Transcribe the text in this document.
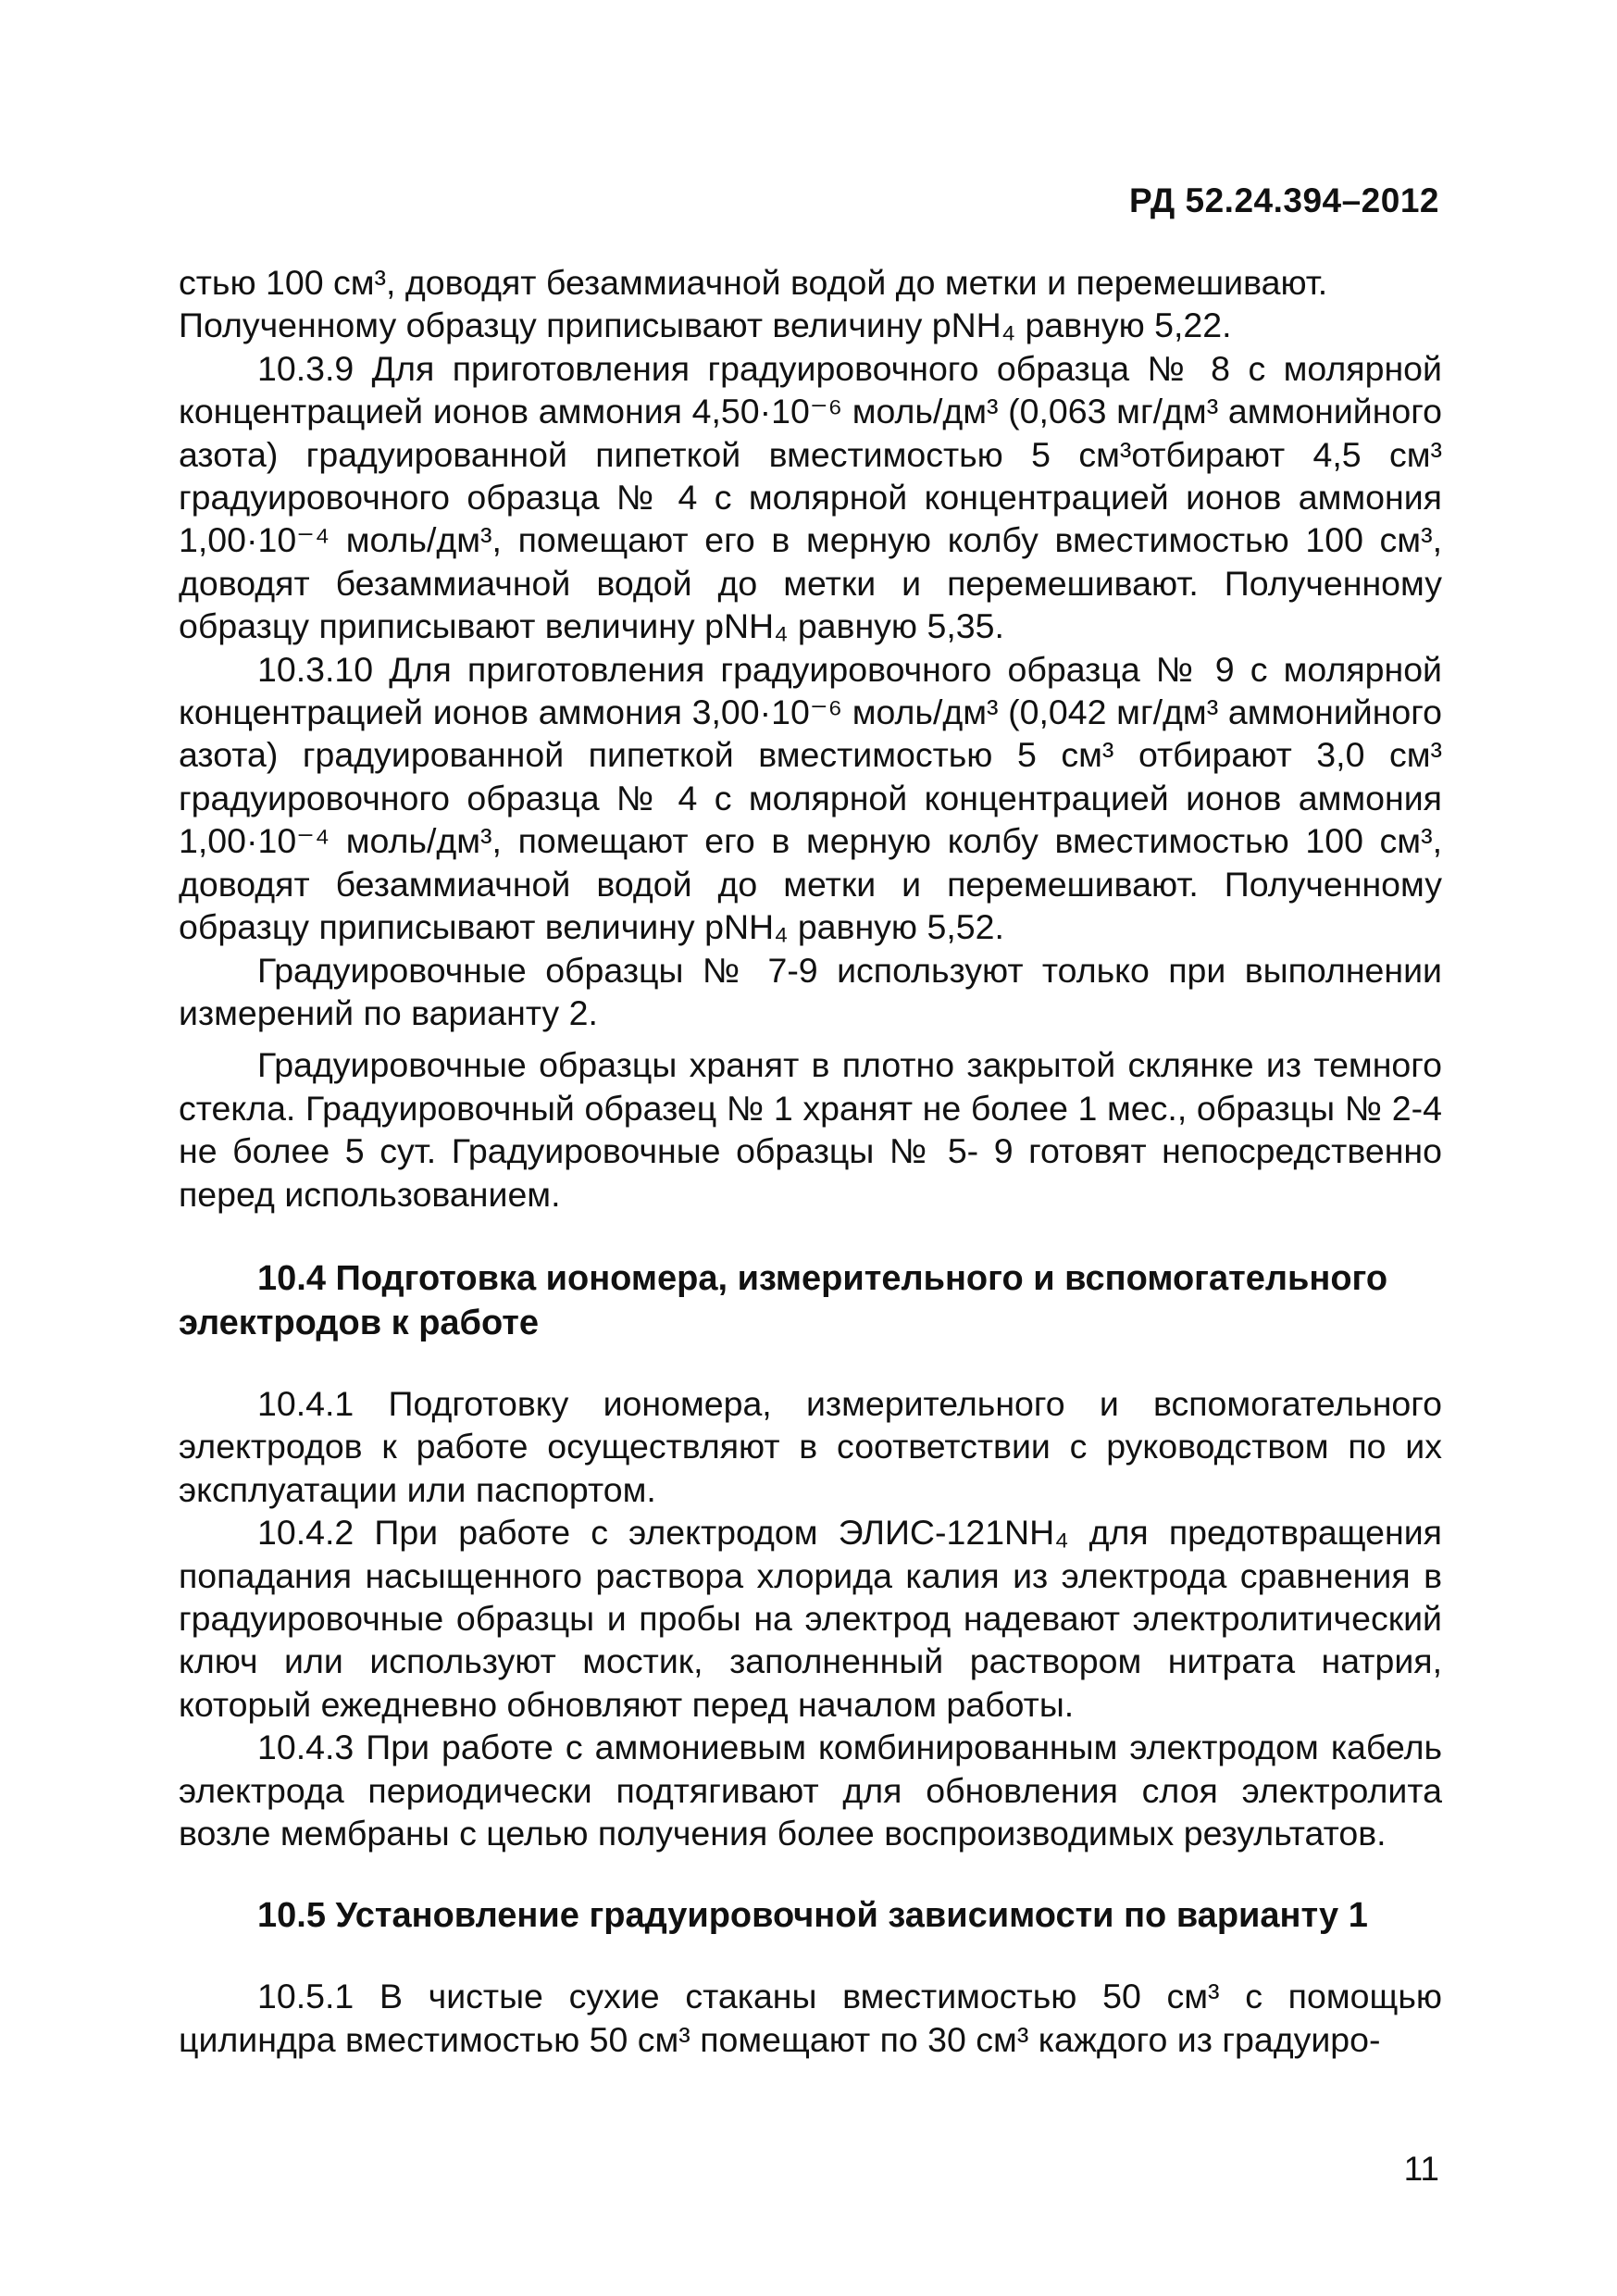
РД 52.24.394–2012

стью 100 см³, доводят безаммиачной водой до метки и перемешивают.

Полученному образцу приписывают величину pNH₄ равную 5,22.

10.3.9 Для приготовления градуировочного образца № 8 с молярной концентрацией ионов аммония 4,50·10⁻⁶ моль/дм³ (0,063 мг/дм³ аммонийного азота) градуированной пипеткой вместимостью 5 см³отбирают 4,5 см³ градуировочного образца № 4 с молярной концентрацией ионов аммония 1,00·10⁻⁴ моль/дм³, помещают его в мерную колбу вместимостью 100 см³, доводят безаммиачной водой до метки и перемешивают. Полученному образцу приписывают величину pNH₄ равную 5,35.

10.3.10 Для приготовления градуировочного образца № 9 с молярной концентрацией ионов аммония 3,00·10⁻⁶ моль/дм³ (0,042 мг/дм³ аммонийного азота) градуированной пипеткой вместимостью 5 см³ отбирают 3,0 см³ градуировочного образца № 4 с молярной концентрацией ионов аммония 1,00·10⁻⁴ моль/дм³, помещают его в мерную колбу вместимостью 100 см³, доводят безаммиачной водой до метки и перемешивают. Полученному образцу приписывают величину pNH₄ равную 5,52.

Градуировочные образцы № 7-9 используют только при выполнении измерений по варианту 2.

Градуировочные образцы хранят в плотно закрытой склянке из темного стекла. Градуировочный образец № 1 хранят не более 1 мес., образцы № 2-4 не более 5 сут. Градуировочные образцы № 5- 9 готовят непосредственно перед использованием.

10.4 Подготовка иономера, измерительного и вспомогательного электродов к работе

10.4.1 Подготовку иономера, измерительного и вспомогательного электродов к работе осуществляют в соответствии с руководством по их эксплуатации или паспортом.

10.4.2 При работе с электродом ЭЛИС-121NH₄ для предотвращения попадания насыщенного раствора хлорида калия из электрода сравнения в градуировочные образцы и пробы на электрод надевают электролитический ключ или используют мостик, заполненный раствором нитрата натрия, который ежедневно обновляют перед началом работы.

10.4.3 При работе с аммониевым комбинированным электродом кабель электрода периодически подтягивают для обновления слоя электролита возле мембраны с целью получения более воспроизводимых результатов.

10.5 Установление градуировочной зависимости по варианту 1

10.5.1 В чистые сухие стаканы вместимостью 50 см³ с помощью цилиндра вместимостью 50 см³ помещают по 30 см³ каждого из градуиро-

11
